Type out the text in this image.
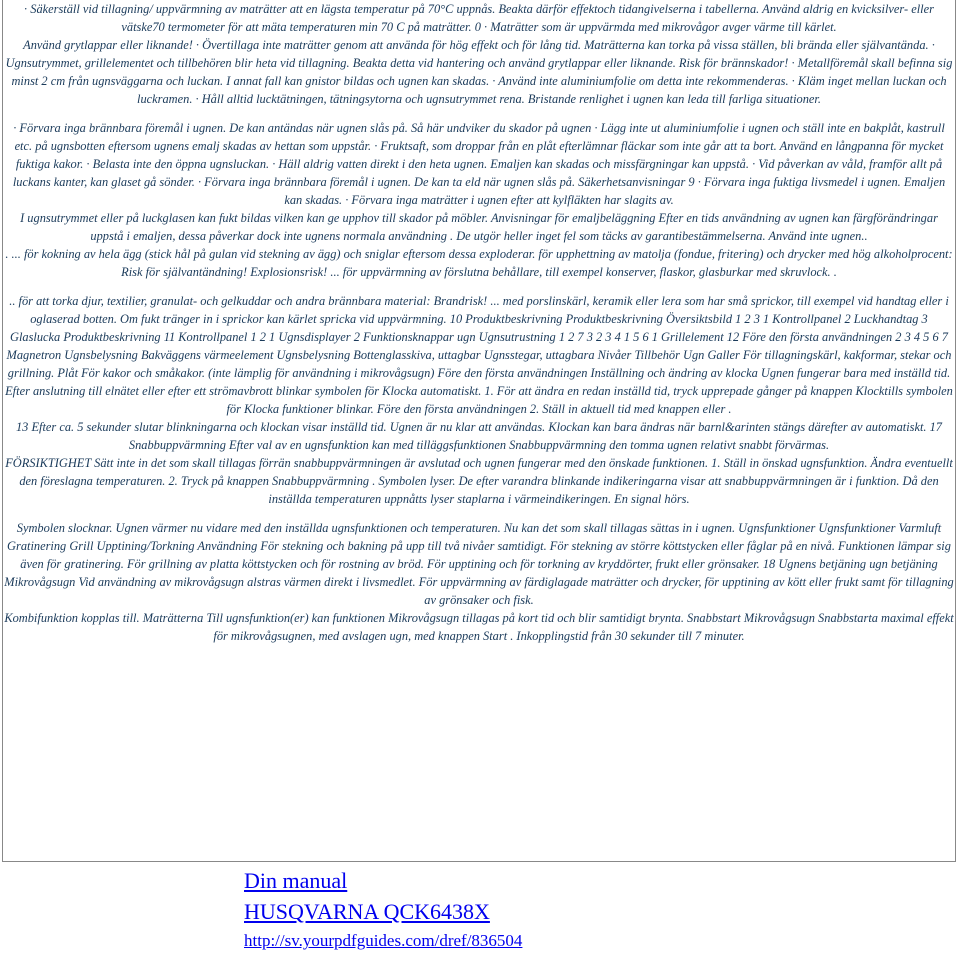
· Säkerställ vid tillagning/ uppvärmning av maträtter att en lägsta temperatur på 70°C uppnås. Beakta därför effektoch tidangivelserna i tabellerna. Använd aldrig en kvicksilver- eller vätske70 termometer för att mäta temperaturen min 70 C på maträtter. 0 · Maträtter som är uppvärmda med mikrovågor avger värme till kärlet.

Använd grytlappar eller liknande! · Övertillaga inte maträtter genom att använda för hög effekt och för lång tid. Maträtterna kan torka på vissa ställen, bli brända eller självantända. · Ugnsutrymmet, grillelementet och tillbehören blir heta vid tillagning. Beakta detta vid hantering och använd grytlappar eller liknande. Risk för brännskador! · Metallföremål skall befinna sig minst 2 cm från ugnsväggarna och luckan. I annat fall kan gnistor bildas och ugnen kan skadas. · Använd inte aluminiumfolie om detta inte rekommenderas. · Kläm inget mellan luckan och luckramen. · Håll alltid lucktätningen, tätningsytorna och ugnsutrymmet rena. Bristande renlighet i ugnen kan leda till farliga situationer.

· Förvara inga brännbara föremål i ugnen. De kan antändas när ugnen slås på. Så här undviker du skador på ugnen · Lägg inte ut aluminiumfolie i ugnen och ställ inte en bakplåt, kastrull etc. på ugnsbotten eftersom ugnens emalj skadas av hettan som uppstår. · Fruktsaft, som droppar från en plåt efterlämnar fläckar som inte går att ta bort. Använd en långpanna för mycket fuktiga kakor. · Belasta inte den öppna ugnsluckan. · Häll aldrig vatten direkt i den heta ugnen. Emaljen kan skadas och missfärgningar kan uppstå. · Vid påverkan av våld, framför allt på luckans kanter, kan glaset gå sönder. · Förvara inga brännbara föremål i ugnen. De kan ta eld när ugnen slås på. Säkerhetsanvisningar 9 · Förvara inga fuktiga livsmedel i ugnen. Emaljen kan skadas. · Förvara inga maträtter i ugnen efter att kylfläkten har slagits av.

I ugnsutrymmet eller på luckglasen kan fukt bildas vilken kan ge upphov till skador på möbler. Anvisningar för emaljbeläggning Efter en tids användning av ugnen kan färgförändringar uppstå i emaljen, dessa påverkar dock inte ugnens normala användning . De utgör heller inget fel som täcks av garantibestämmelserna. Använd inte ugnen..

. ... för kokning av hela ägg (stick hål på gulan vid stekning av ägg) och sniglar eftersom dessa exploderar. för upphettning av matolja (fondue, fritering) och drycker med hög alkoholprocent: Risk för självantändning! Explosionsrisk! ... för uppvärmning av förslutna behållare, till exempel konserver, flaskor, glasburkar med skruvlock. .

.. för att torka djur, textilier, granulat- och gelkuddar och andra brännbara material: Brandrisk! ... med porslinskärl, keramik eller lera som har små sprickor, till exempel vid handtag eller i oglaserad botten. Om fukt tränger in i sprickor kan kärlet spricka vid uppvärmning. 10 Produktbeskrivning Produktbeskrivning Översiktsbild 1 2 3 1 Kontrollpanel 2 Luckhandtag 3 Glaslucka Produktbeskrivning 11 Kontrollpanel 1 2 1 Ugnsdisplayer 2 Funktionsknappar ugn Ugnsutrustning 1 2 7 3 2 3 4 1 5 6 1 Grillelement 12 Före den första användningen 2 3 4 5 6 7 Magnetron Ugnsbelysning Bakväggens värmeelement Ugnsbelysning Bottenglasskiva, uttagbar Ugnsstegar, uttagbara Nivåer Tillbehör Ugn Galler För tillagningskärl, kakformar, stekar och grillning. Plåt För kakor och småkakor. (inte lämplig för användning i mikrovågsugn) Före den första användningen Inställning och ändring av klocka Ugnen fungerar bara med inställd tid.

Efter anslutning till elnätet eller efter ett strömavbrott blinkar symbolen för Klocka automatiskt. 1. För att ändra en redan inställd tid, tryck upprepade gånger på knappen Klocktills symbolen för Klocka funktioner blinkar. Före den första användningen 2. Ställ in aktuell tid med knappen eller .

13 Efter ca. 5 sekunder slutar blinkningarna och klockan visar inställd tid. Ugnen är nu klar att användas. Klockan kan bara ändras när barnl&arinten stängs därefter av automatiskt. 17 Snabbuppvärmning Efter val av en ugnsfunktion kan med tilläggsfunktionen Snabbuppvärmning den tomma ugnen relativt snabbt förvärmas.

FÖRSIKTIGHET Sätt inte in det som skall tillagas förrän snabbuppvärmningen är avslutad och ugnen fungerar med den önskade funktionen. 1. Ställ in önskad ugnsfunktion. Ändra eventuellt den föreslagna temperaturen. 2. Tryck på knappen Snabbuppvärmning . Symbolen lyser. De efter varandra blinkande indikeringarna visar att snabbuppvärmningen är i funktion. Då den inställda temperaturen uppnåtts lyser staplarna i värmeindikeringen. En signal hörs.

Symbolen slocknar. Ugnen värmer nu vidare med den inställda ugnsfunktionen och temperaturen. Nu kan det som skall tillagas sättas in i ugnen. Ugnsfunktioner Ugnsfunktioner Varmluft Gratinering Grill Upptining/Torkning Användning För stekning och bakning på upp till två nivåer samtidigt. För stekning av större köttstycken eller fåglar på en nivå. Funktionen lämpar sig även för gratinering. För grillning av platta köttstycken och för rostning av bröd. För upptining och för torkning av kryddörter, frukt eller grönsaker. 18 Ugnens betjäning ugn betjäning Mikrovågsugn Vid användning av mikrovågsugn alstras värmen direkt i livsmedlet. För uppvärmning av färdiglagade maträtter och drycker, för upptining av kött eller frukt samt för tillagning av grönsaker och fisk.

Kombifunktion kopplas till. Maträtterna Till ugnsfunktion(er) kan funktionen Mikrovågsugn tillagas på kort tid och blir samtidigt brynta. Snabbstart Mikrovågsugn Snabbstarta maximal effekt för mikrovågsugnen, med avslagen ugn, med knappen Start . Inkopplingstid från 30 sekunder till 7 minuter.

Din manual
HUSQVARNA QCK6438X
http://sv.yourpdfguides.com/dref/836504
